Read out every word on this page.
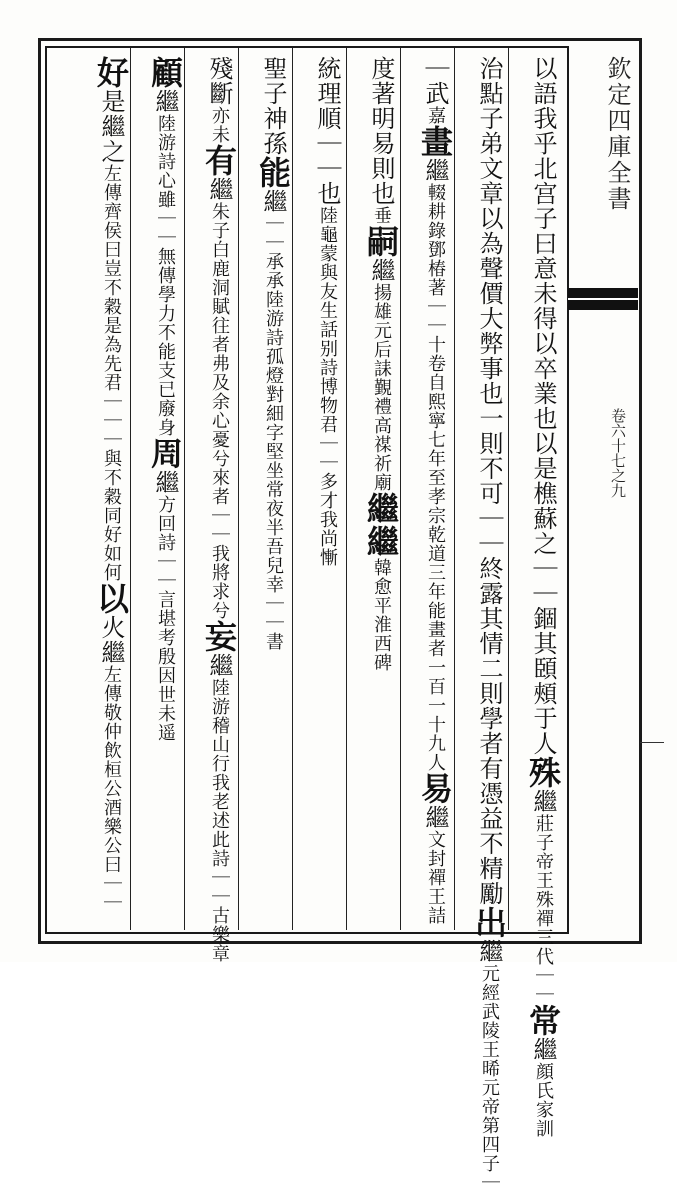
以語我乎北宫子曰意未得以卒業也以是樵蘇之｜｜錮其頣頰于人殊繼莊子帝王殊禪三代｜｜常繼顔氏家訓
治點子弟文章以為聲價大弊事也一則不可｜｜終露其情二則學者有憑益不精勵出繼元經武陵王晞元帝第四子｜
｜武嘉畫繼輟耕錄鄧椿著｜｜十卷自熙寧七年至孝宗乾道三年能畫者一百一十九人易繼文封禪王詰
度著明易則也垂嗣繼揚雄元后誄覲禮高禖祈廟繼繼韓愈平淮西碑
統理順｜｜也陸龜蒙與友生話别詩博物君｜｜多才我尚慚
聖子神孫能繼｜｜承承陸游詩孤燈對細字堅坐常夜半吾兒幸｜｜書
殘斷亦未有繼朱子白鹿洞賦往者弗及余心憂兮來者｜｜我將求兮妄繼陸游稽山行我老述此詩｜｜古樂章
顧繼陸游詩心雖｜｜無傳學力不能支已廢身周繼方回詩｜｜言堪考殷因世未遥
好是繼之左傳齊侯曰豈不穀是為先君｜｜｜與不穀同好如何以火繼左傳敬仲飲桓公酒樂公曰｜｜
欽定四庫全書
卷六十七之九
